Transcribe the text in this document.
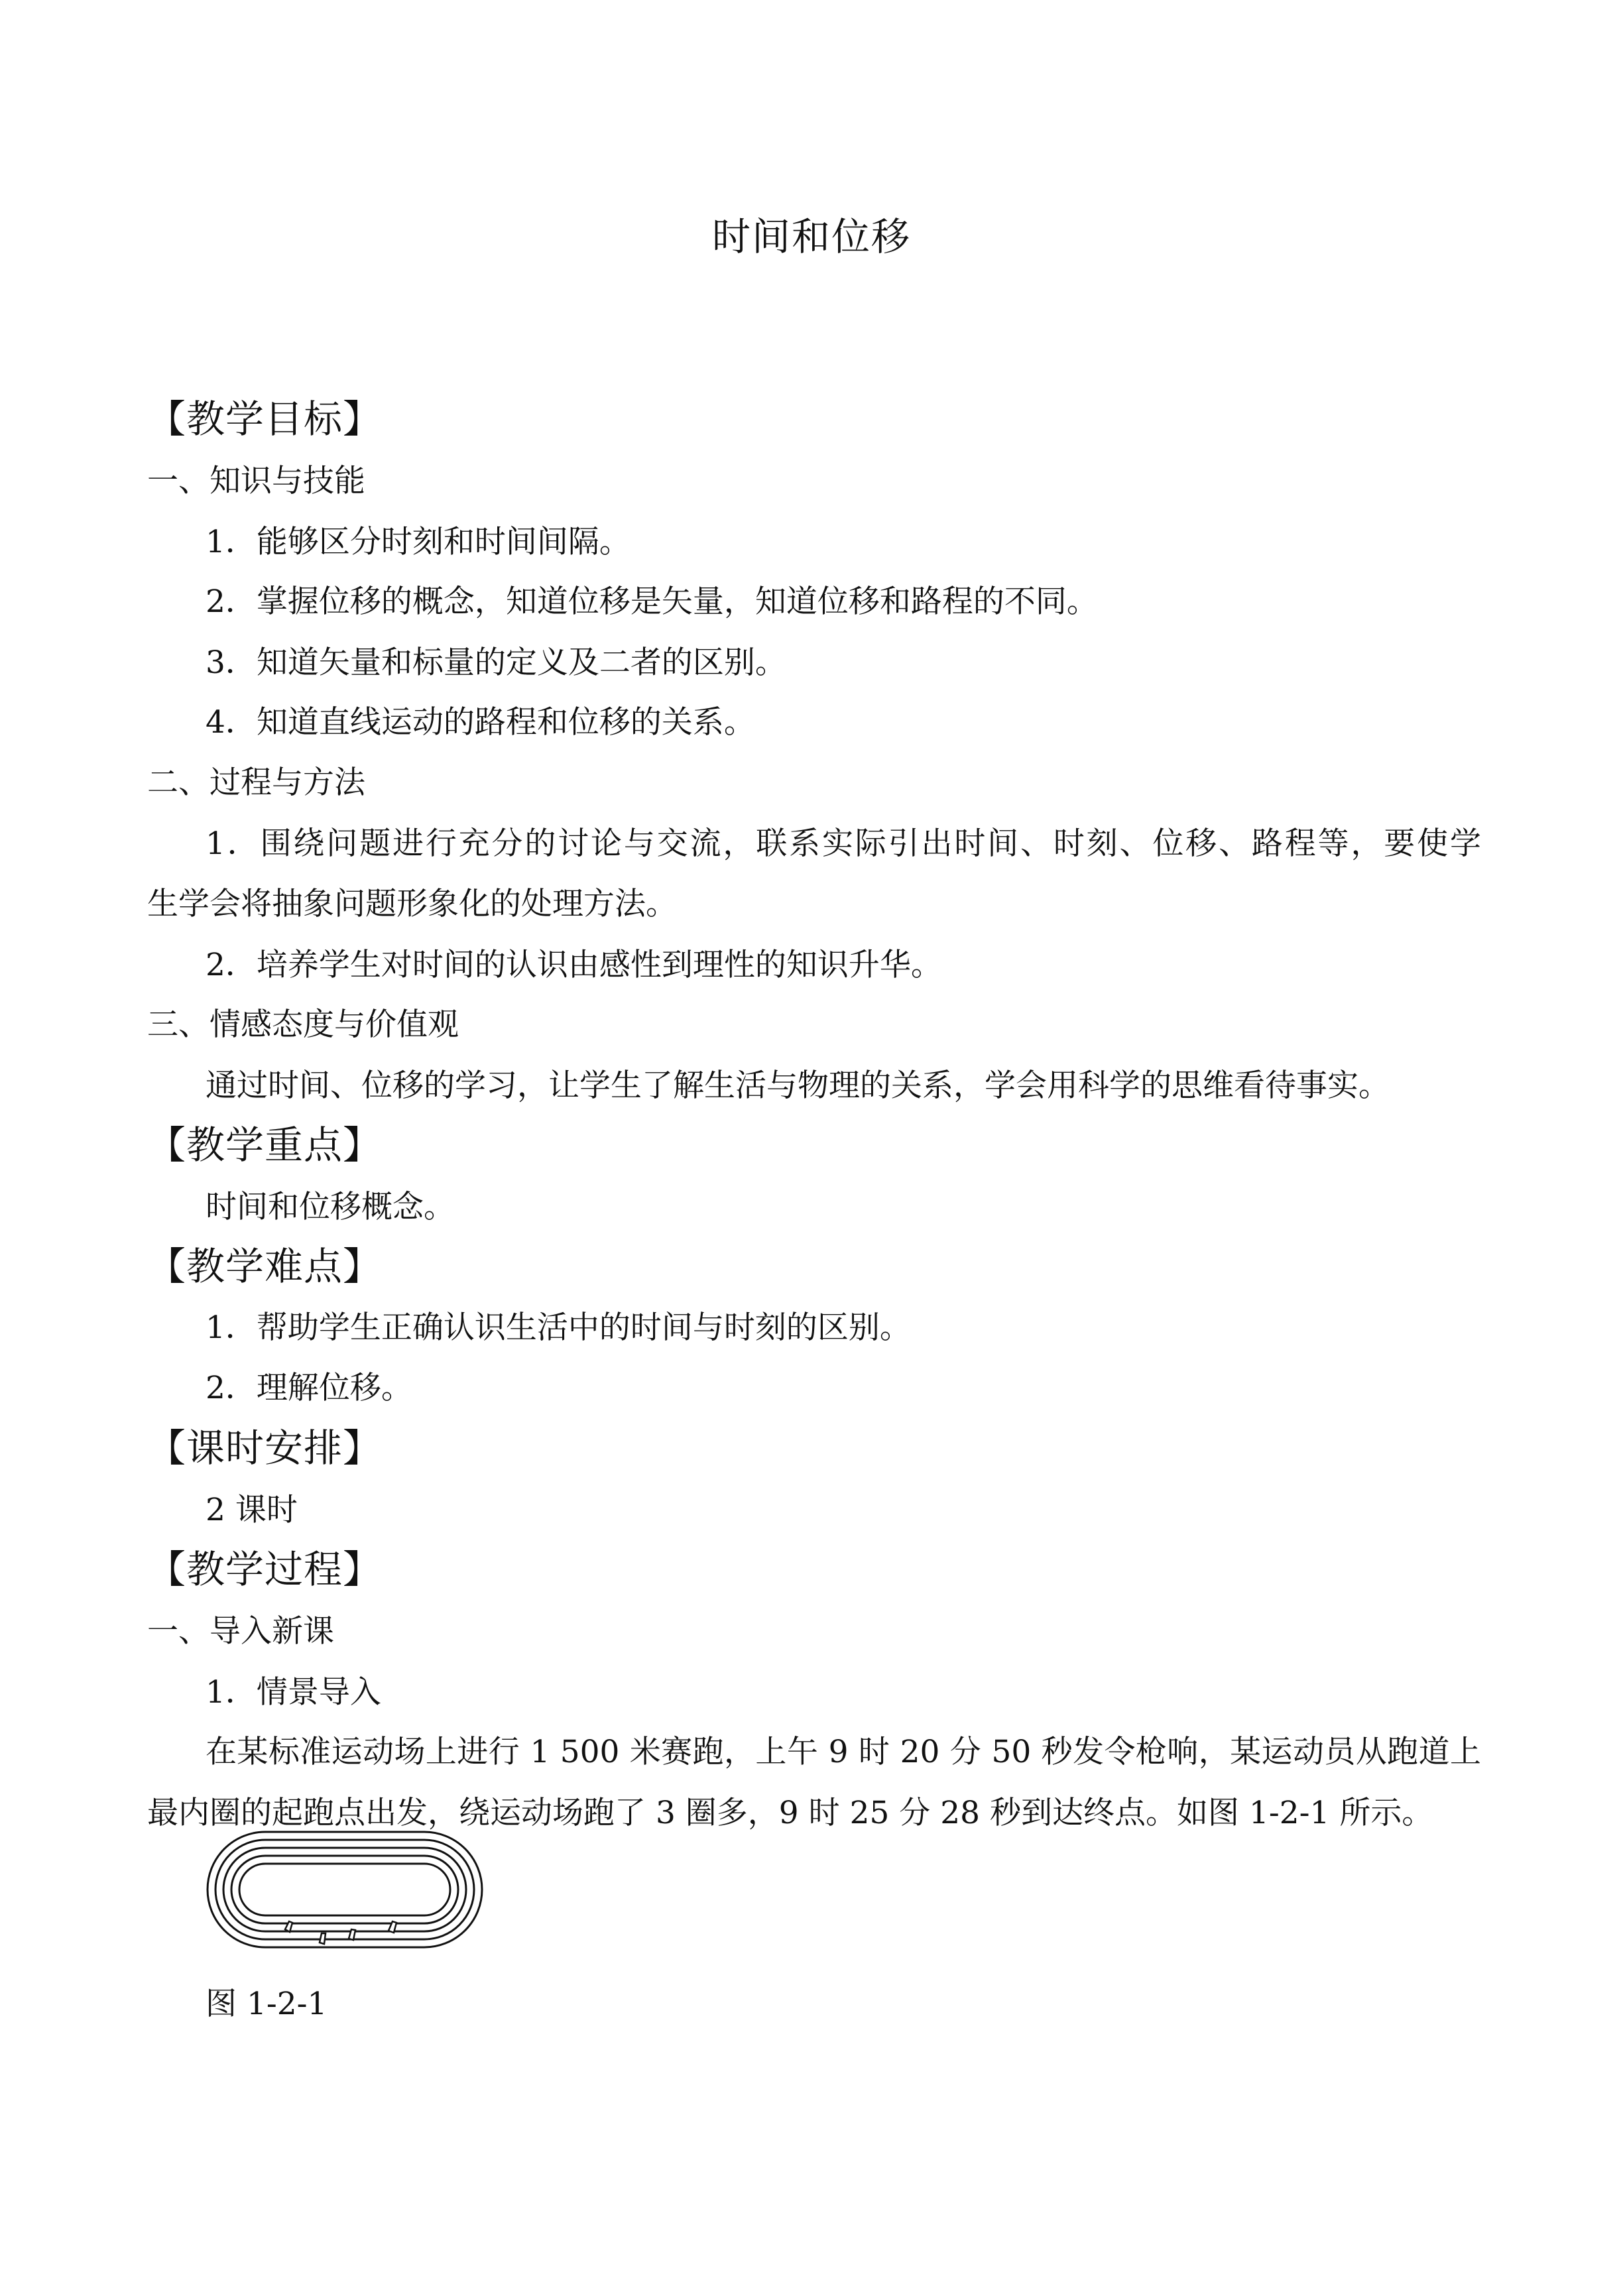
时间和位移
【教学目标】
一、知识与技能
1．能够区分时刻和时间间隔。
2．掌握位移的概念，知道位移是矢量，知道位移和路程的不同。
3．知道矢量和标量的定义及二者的区别。
4．知道直线运动的路程和位移的关系。
二、过程与方法
1．围绕问题进行充分的讨论与交流，联系实际引出时间、时刻、位移、路程等，要使学
生学会将抽象问题形象化的处理方法。
2．培养学生对时间的认识由感性到理性的知识升华。
三、情感态度与价值观
通过时间、位移的学习，让学生了解生活与物理的关系，学会用科学的思维看待事实。
【教学重点】
时间和位移概念。
【教学难点】
1．帮助学生正确认识生活中的时间与时刻的区别。
2．理解位移。
【课时安排】
2 课时
【教学过程】
一、导入新课
1．情景导入
在某标准运动场上进行 1 500 米赛跑，上午 9 时 20 分 50 秒发令枪响，某运动员从跑道上
最内圈的起跑点出发，绕运动场跑了 3 圈多，9 时 25 分 28 秒到达终点。如图 1-2-1 所示。
图 1-2-1
